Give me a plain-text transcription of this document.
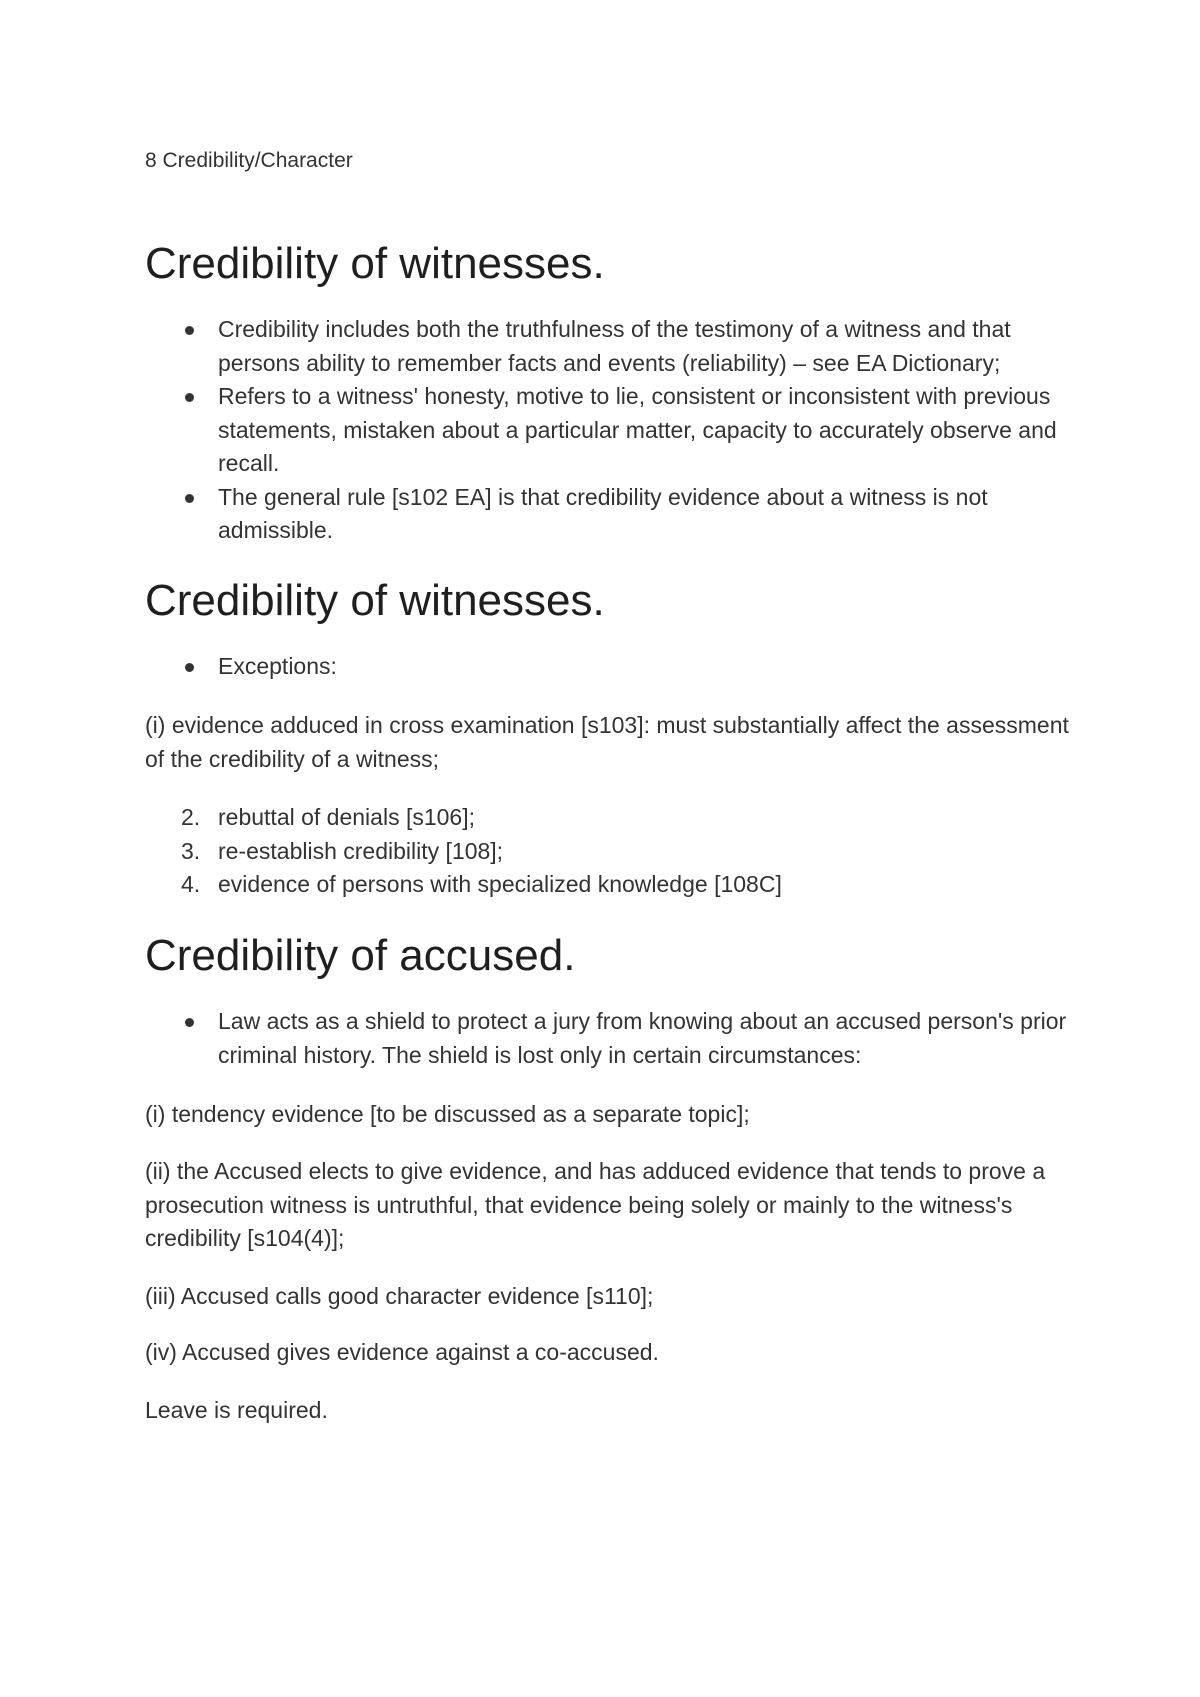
8 Credibility/Character
Credibility of witnesses.
Credibility includes both the truthfulness of the testimony of a witness and that persons ability to remember facts and events (reliability) – see EA Dictionary;
Refers to a witness' honesty, motive to lie, consistent or inconsistent with previous statements, mistaken about a particular matter, capacity to accurately observe and recall.
The general rule [s102 EA] is that credibility evidence about a witness is not admissible.
Credibility of witnesses.
Exceptions:

(i) evidence adduced in cross examination [s103]: must substantially affect the assessment of the credibility of a witness;

2. rebuttal of denials [s106];
3. re-establish credibility [108];
4. evidence of persons with specialized knowledge [108C]
Credibility of accused.
Law acts as a shield to protect a jury from knowing about an accused person's prior criminal history. The shield is lost only in certain circumstances:

(i) tendency evidence [to be discussed as a separate topic];

(ii) the Accused elects to give evidence, and has adduced evidence that tends to prove a prosecution witness is untruthful, that evidence being solely or mainly to the witness's credibility [s104(4)];

(iii) Accused calls good character evidence [s110];

(iv) Accused gives evidence against a co-accused.

Leave is required.
